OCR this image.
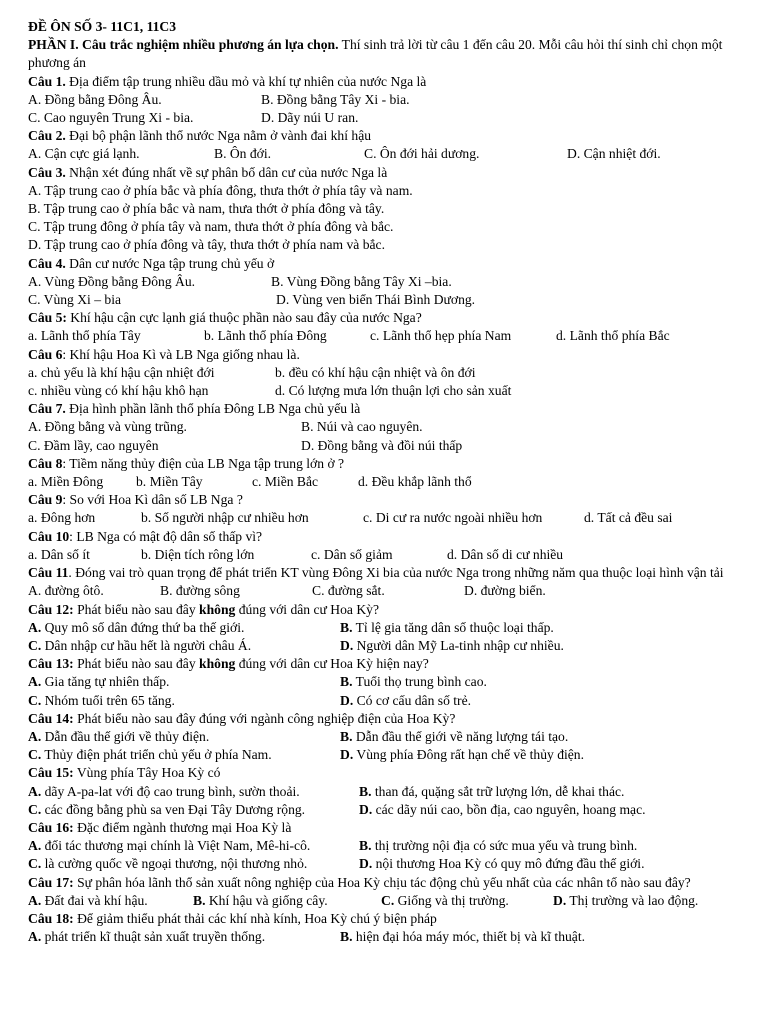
ĐỀ ÔN SỐ 3- 11C1, 11C3
PHẦN I. Câu trắc nghiệm nhiều phương án lựa chọn. Thí sinh trả lời từ câu 1 đến câu 20. Mỗi câu hỏi thí sinh chỉ chọn một phương án
Câu 1. Địa điểm tập trung nhiều dầu mỏ và khí tự nhiên của nước Nga là
A. Đồng bằng Đông Âu.	B. Đồng bằng Tây Xi - bia.
C. Cao nguyên Trung Xi - bia.	D. Dãy núi U ran.
Câu 2. Đại bộ phận lãnh thổ nước Nga nằm ở vành đai khí hậu
A. Cận cực giá lạnh.	B. Ôn đới.	C. Ôn đới hải dương.	D. Cận nhiệt đới.
Câu 3. Nhận xét đúng nhất về sự phân bố dân cư của nước Nga là
A. Tập trung cao ở phía bắc và phía đông, thưa thớt ở phía tây và nam.
B. Tập trung cao ở phía bắc và nam, thưa thớt ở phía đông và tây.
C. Tập trung đông ở phía tây và nam, thưa thớt ở phía đông và bắc.
D. Tập trung cao ở phía đông và tây, thưa thớt ở phía nam và bắc.
Câu 4. Dân cư nước Nga tập trung chủ yếu ở
A. Vùng Đồng bằng Đông Âu.	B. Vùng Đồng bằng Tây Xi –bia.
C. Vùng Xi – bia	D. Vùng ven biển Thái Bình Dương.
Câu 5: Khí hậu cận cực lạnh giá thuộc phần nào sau đây của nước Nga?
a. Lãnh thổ phía Tây	b. Lãnh thổ phía Đông	c. Lãnh thổ hẹp phía Nam	d. Lãnh thổ phía Bắc
Câu 6: Khí hậu Hoa Kì và LB Nga giống nhau là.
a. chủ yếu là khí hậu cận nhiệt đới	b. đều có khí hậu cận nhiệt và ôn đới
c. nhiều vùng có khí hậu khô hạn	d. Có lượng mưa lớn thuận lợi cho sản xuất
Câu 7. Địa hình phần lãnh thổ phía Đông LB Nga chủ yếu là
A. Đồng bằng và vùng trũng.	B. Núi và cao nguyên.
C. Đầm lầy, cao nguyên	D. Đồng bằng và đồi núi thấp
Câu 8: Tiềm năng thủy điện của LB Nga tập trung lớn ở ?
a. Miền Đông	b. Miền Tây	c. Miền Bắc	d. Đều khắp lãnh thổ
Câu 9: So với Hoa Kì dân số LB Nga ?
a. Đông hơn	b. Số người nhập cư nhiều hơn	c. Di cư ra nước ngoài nhiều hơn	d. Tất cả đều sai
Câu 10: LB Nga có mật độ dân số thấp vì?
a. Dân số ít	b. Diện tích rông lớn	c. Dân số giảm	d. Dân số di cư nhiều
Câu 11. Đóng vai trò quan trọng để phát triển KT vùng Đông Xi bia của nước Nga trong những năm qua thuộc loại hình vận tải
A. đường ôtô.	B. đường sông	C. đường sắt.	D. đường biển.
Câu 12: Phát biểu nào sau đây không đúng với dân cư Hoa Kỳ?
A. Quy mô số dân đứng thứ ba thế giới.	B. Tỉ lệ gia tăng dân số thuộc loại thấp.
C. Dân nhập cư hầu hết là người châu Á.	D. Người dân Mỹ La-tinh nhập cư nhiều.
Câu 13: Phát biểu nào sau đây không đúng với dân cư Hoa Kỳ hiện nay?
A. Gia tăng tự nhiên thấp.	B. Tuổi thọ trung bình cao.
C. Nhóm tuổi trên 65 tăng.	D. Có cơ cấu dân số trẻ.
Câu 14: Phát biểu nào sau đây đúng với ngành công nghiệp điện của Hoa Kỳ?
A. Dẫn đầu thế giới về thủy điện.	B. Dẫn đầu thế giới về năng lượng tái tạo.
C. Thủy điện phát triển chủ yếu ở phía Nam.	D. Vùng phía Đông rất hạn chế về thủy điện.
Câu 15: Vùng phía Tây Hoa Kỳ có
A. dãy A-pa-lat với độ cao trung bình, sườn thoải.	B. than đá, quặng sắt trữ lượng lớn, dễ khai thác.
C. các đồng bằng phù sa ven Đại Tây Dương rộng.	D. các dãy núi cao, bồn địa, cao nguyên, hoang mạc.
Câu 16: Đặc điểm ngành thương mại Hoa Kỳ là
A. đối tác thương mại chính là Việt Nam, Mê-hi-cô.	B. thị trường nội địa có sức mua yếu và trung bình.
C. là cường quốc về ngoại thương, nội thương nhỏ.	D. nội thương Hoa Kỳ có quy mô đứng đầu thế giới.
Câu 17: Sự phân hóa lãnh thổ sản xuất nông nghiệp của Hoa Kỳ chịu tác động chủ yếu nhất của các nhân tố nào sau đây?
A. Đất đai và khí hậu.	B. Khí hậu và giống cây.	C. Giống và thị trường.	D. Thị trường và lao động.
Câu 18: Để giảm thiểu phát thải các khí nhà kính, Hoa Kỳ chú ý biện pháp
A. phát triển kĩ thuật sản xuất truyền thống.	B. hiện đại hóa máy móc, thiết bị và kĩ thuật.
